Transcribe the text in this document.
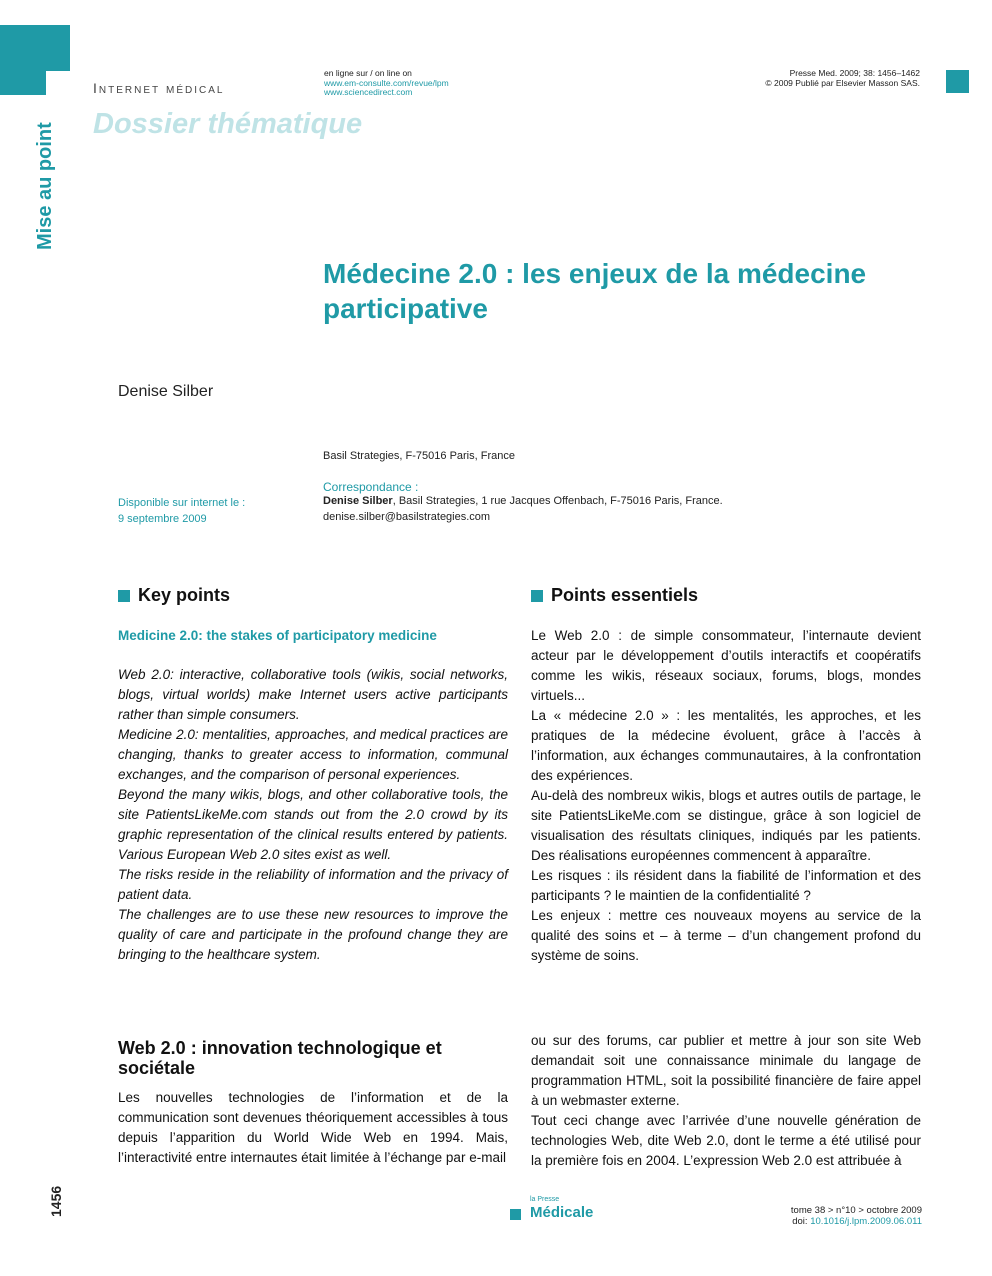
Internet médical
en ligne sur / on line on
www.em-consulte.com/revue/lpm
www.sciencedirect.com
Presse Med. 2009; 38: 1456–1462
© 2009 Publié par Elsevier Masson SAS.
Dossier thématique
Mise au point
Médecine 2.0 : les enjeux de la médecine participative
Denise Silber
Basil Strategies, F-75016 Paris, France
Correspondance :
Denise Silber, Basil Strategies, 1 rue Jacques Offenbach, F-75016 Paris, France.
denise.silber@basilstrategies.com
Disponible sur internet le :
9 septembre 2009
Key points	Points essentiels
Medicine 2.0: the stakes of participatory medicine

Web 2.0: interactive, collaborative tools (wikis, social networks, blogs, virtual worlds) make Internet users active participants rather than simple consumers.

Medicine 2.0: mentalities, approaches, and medical practices are changing, thanks to greater access to information, communal exchanges, and the comparison of personal experiences.

Beyond the many wikis, blogs, and other collaborative tools, the site PatientsLikeMe.com stands out from the 2.0 crowd by its graphic representation of the clinical results entered by patients. Various European Web 2.0 sites exist as well.

The risks reside in the reliability of information and the privacy of patient data.

The challenges are to use these new resources to improve the quality of care and participate in the profound change they are bringing to the healthcare system.

Le Web 2.0 : de simple consommateur, l’internaute devient acteur par le développement d’outils interactifs et coopératifs comme les wikis, réseaux sociaux, forums, blogs, mondes virtuels...

La « médecine 2.0 » : les mentalités, les approches, et les pratiques de la médecine évoluent, grâce à l’accès à l’information, aux échanges communautaires, à la confrontation des expériences.

Au-delà des nombreux wikis, blogs et autres outils de partage, le site PatientsLikeMe.com se distingue, grâce à son logiciel de visualisation des résultats cliniques, indiqués par les patients. Des réalisations européennes commencent à apparaître.

Les risques : ils résident dans la fiabilité de l’information et des participants ? le maintien de la confidentialité ?

Les enjeux : mettre ces nouveaux moyens au service de la qualité des soins et – à terme – d’un changement profond du système de soins.

Web 2.0 : innovation technologique et sociétale

Les nouvelles technologies de l’information et de la communication sont devenues théoriquement accessibles à tous depuis l’apparition du World Wide Web en 1994. Mais, l’interactivité entre internautes était limitée à l’échange par e-mail

ou sur des forums, car publier et mettre à jour son site Web demandait soit une connaissance minimale du langage de programmation HTML, soit la possibilité financière de faire appel à un webmaster externe.

Tout ceci change avec l’arrivée d’une nouvelle génération de technologies Web, dite Web 2.0, dont le terme a été utilisé pour la première fois en 2004. L’expression Web 2.0 est attribuée à

1456	la Presse
Médicale	tome 38 > n°10 > octobre 2009
doi: 10.1016/j.lpm.2009.06.011
